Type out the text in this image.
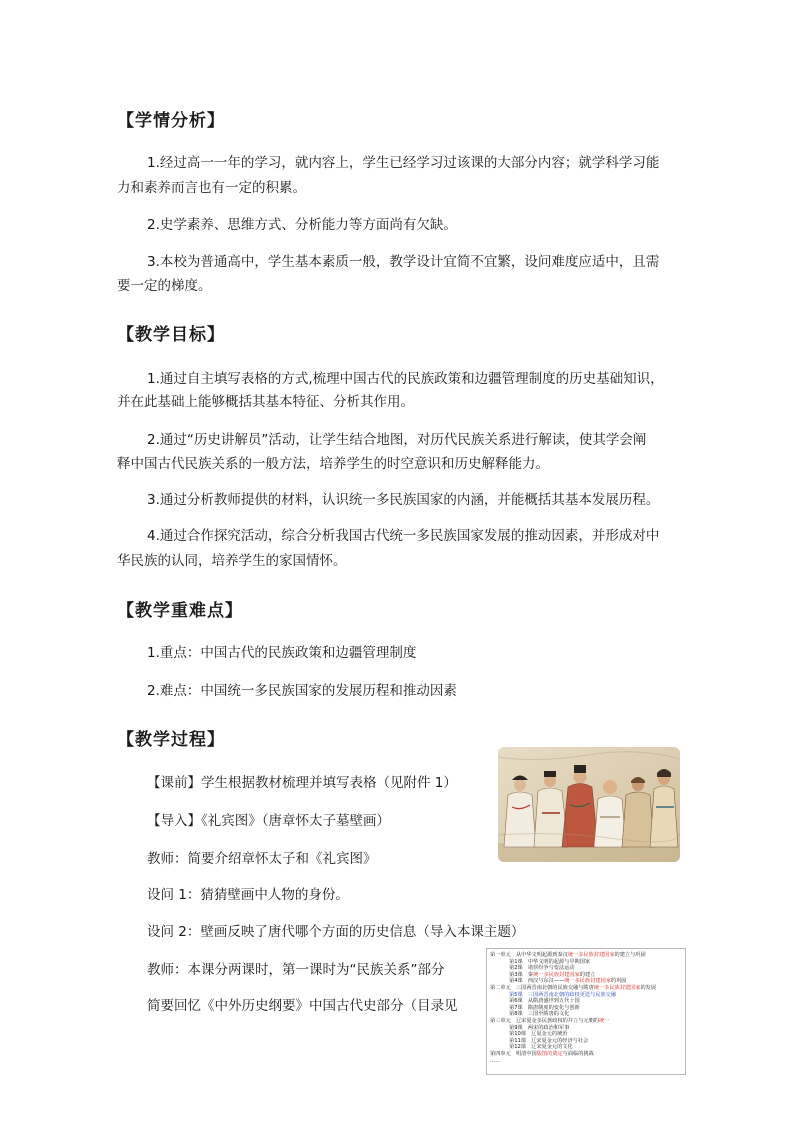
【学情分析】
1.经过高一一年的学习，就内容上，学生已经学习过该课的大部分内容；就学科学习能
力和素养而言也有一定的积累。
2.史学素养、思维方式、分析能力等方面尚有欠缺。
3.本校为普通高中，学生基本素质一般，教学设计宜简不宜繁，设问难度应适中，且需
要一定的梯度。
【教学目标】
1.通过自主填写表格的方式,梳理中国古代的民族政策和边疆管理制度的历史基础知识，
并在此基础上能够概括其基本特征、分析其作用。
2.通过“历史讲解员”活动，让学生结合地图，对历代民族关系进行解读，使其学会阐
释中国古代民族关系的一般方法，培养学生的时空意识和历史解释能力。
3.通过分析教师提供的材料，认识统一多民族国家的内涵，并能概括其基本发展历程。
4.通过合作探究活动，综合分析我国古代统一多民族国家发展的推动因素，并形成对中
华民族的认同，培养学生的家国情怀。
【教学重难点】
1.重点：中国古代的民族政策和边疆管理制度
2.难点：中国统一多民族国家的发展历程和推动因素
【教学过程】
【课前】学生根据教材梳理并填写表格（见附件 1）
【导入】《礼宾图》（唐章怀太子墓壁画）
教师：简要介绍章怀太子和《礼宾图》
设问 1：猜猜壁画中人物的身份。
设问 2：壁画反映了唐代哪个方面的历史信息（导入本课主题）
教师：本课分两课时，第一课时为“民族关系”部分
简要回忆《中外历史纲要》中国古代史部分（目录见
第一单元　从中华文明起源到秦汉统一多民族封建国家的建立与巩固
第1课　中华文明的起源与早期国家
第2课　诸侯纷争与变法运动
第3课　秦统一多民族封建国家的建立
第4课　西汉与东汉——统一多民族封建国家的巩固
第二单元　三国两晋南北朝的民族交融与隋唐统一多民族封建国家的发展
第5课　三国两晋南北朝的政权更迭与民族交融
第6课　从隋唐盛世到五代十国
第7课　隋唐制度的变化与创新
第8课　三国至隋唐的文化
第三单元　辽宋夏金多民族政权的并立与元朝的统一
第9课　两宋的政治和军事
第10课　辽夏金元的统治
第11课　辽宋夏金元的经济与社会
第12课　辽宋夏金元的文化
第四单元　明清中国版图的奠定与面临的挑战
……
